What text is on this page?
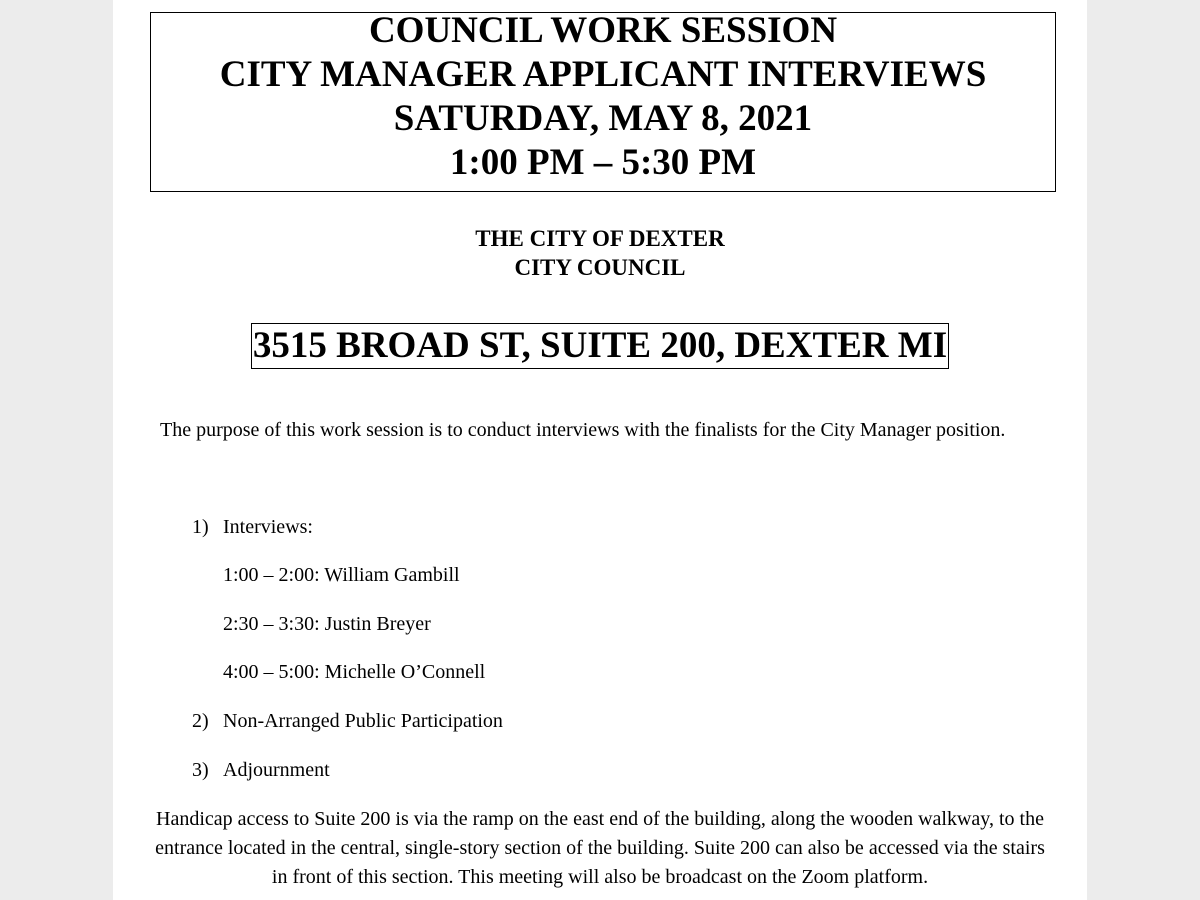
COUNCIL WORK SESSION
CITY MANAGER APPLICANT INTERVIEWS
SATURDAY, MAY 8, 2021
1:00 PM – 5:30 PM
THE CITY OF DEXTER
CITY COUNCIL
3515 BROAD ST, SUITE 200, DEXTER MI
The purpose of this work session is to conduct interviews with the finalists for the City Manager position.
1) Interviews:
1:00 – 2:00: William Gambill
2:30 – 3:30: Justin Breyer
4:00 – 5:00: Michelle O’Connell
2) Non-Arranged Public Participation
3) Adjournment
Handicap access to Suite 200 is via the ramp on the east end of the building, along the wooden walkway, to the entrance located in the central, single-story section of the building. Suite 200 can also be accessed via the stairs in front of this section. This meeting will also be broadcast on the Zoom platform.
